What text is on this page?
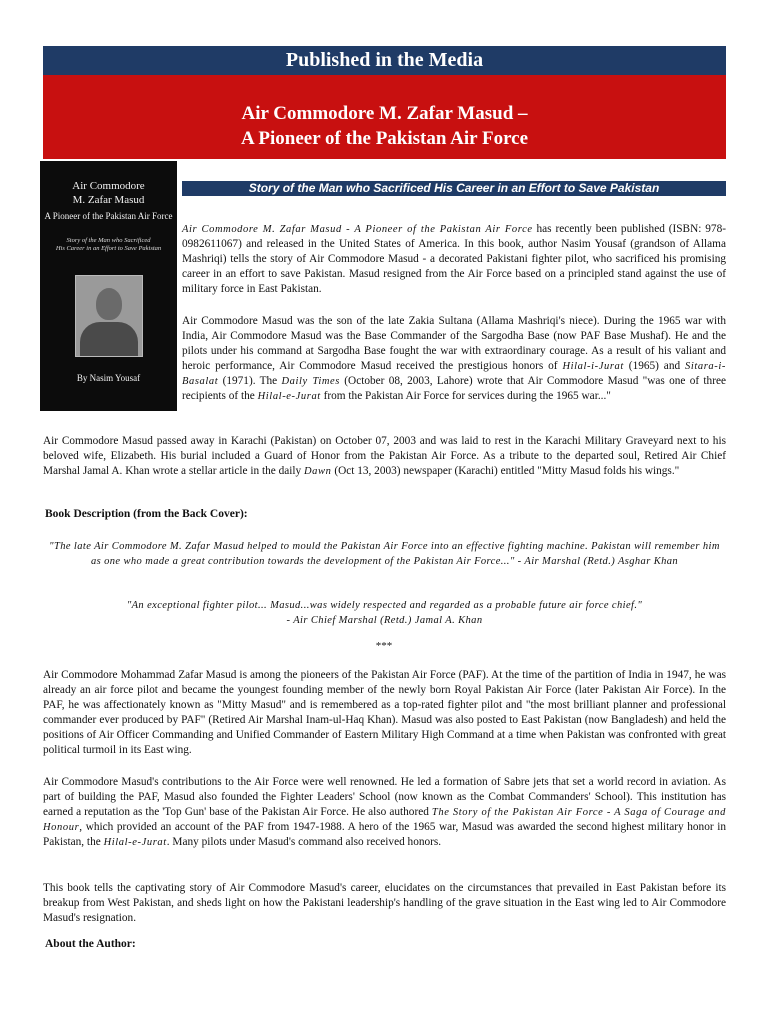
Published in the Media
Air Commodore M. Zafar Masud –
A Pioneer of the Pakistan Air Force
Air Commodore
M. Zafar Masud
A Pioneer of the Pakistan Air Force
Story of the Man who Sacrificed
His Career in an Effort to Save Pakistan
By Nasim Yousaf
Story of the Man who Sacrificed His Career in an Effort to Save Pakistan

Air Commodore M. Zafar Masud - A Pioneer of the Pakistan Air Force has recently been published (ISBN: 978-0982611067) and released in the United States of America. In this book, author Nasim Yousaf (grandson of Allama Mashriqi) tells the story of Air Commodore Masud - a decorated Pakistani fighter pilot, who sacrificed his promising career in an effort to save Pakistan. Masud resigned from the Air Force based on a principled stand against the use of military force in East Pakistan.

Air Commodore Masud was the son of the late Zakia Sultana (Allama Mashriqi's niece). During the 1965 war with India, Air Commodore Masud was the Base Commander of the Sargodha Base (now PAF Base Mushaf). He and the pilots under his command at Sargodha Base fought the war with extraordinary courage. As a result of his valiant and heroic performance, Air Commodore Masud received the prestigious honors of Hilal-i-Jurat (1965) and Sitara-i-Basalat (1971). The Daily Times (October 08, 2003, Lahore) wrote that Air Commodore Masud "was one of three recipients of the Hilal-e-Jurat from the Pakistan Air Force for services during the 1965 war..."

Air Commodore Masud passed away in Karachi (Pakistan) on October 07, 2003 and was laid to rest in the Karachi Military Graveyard next to his beloved wife, Elizabeth. His burial included a Guard of Honor from the Pakistan Air Force. As a tribute to the departed soul, Retired Air Chief Marshal Jamal A. Khan wrote a stellar article in the daily Dawn (Oct 13, 2003) newspaper (Karachi) entitled "Mitty Masud folds his wings."

Book Description (from the Back Cover):

"The late Air Commodore M. Zafar Masud helped to mould the Pakistan Air Force into an effective fighting machine. Pakistan will remember him as one who made a great contribution towards the development of the Pakistan Air Force..." - Air Marshal (Retd.) Asghar Khan

"An exceptional fighter pilot... Masud...was widely respected and regarded as a probable future air force chief."
- Air Chief Marshal (Retd.) Jamal A. Khan

***

Air Commodore Mohammad Zafar Masud is among the pioneers of the Pakistan Air Force (PAF). At the time of the partition of India in 1947, he was already an air force pilot and became the youngest founding member of the newly born Royal Pakistan Air Force (later Pakistan Air Force). In the PAF, he was affectionately known as "Mitty Masud" and is remembered as a top-rated fighter pilot and "the most brilliant planner and professional commander ever produced by PAF" (Retired Air Marshal Inam-ul-Haq Khan). Masud was also posted to East Pakistan (now Bangladesh) and held the positions of Air Officer Commanding and Unified Commander of Eastern Military High Command at a time when Pakistan was confronted with great political turmoil in its East wing.

Air Commodore Masud's contributions to the Air Force were well renowned. He led a formation of Sabre jets that set a world record in aviation. As part of building the PAF, Masud also founded the Fighter Leaders' School (now known as the Combat Commanders' School). This institution has earned a reputation as the 'Top Gun' base of the Pakistan Air Force. He also authored The Story of the Pakistan Air Force - A Saga of Courage and Honour, which provided an account of the PAF from 1947-1988. A hero of the 1965 war, Masud was awarded the second highest military honor in Pakistan, the Hilal-e-Jurat. Many pilots under Masud's command also received honors.

This book tells the captivating story of Air Commodore Masud's career, elucidates on the circumstances that prevailed in East Pakistan before its breakup from West Pakistan, and sheds light on how the Pakistani leadership's handling of the grave situation in the East wing led to Air Commodore Masud's resignation.

About the Author:
